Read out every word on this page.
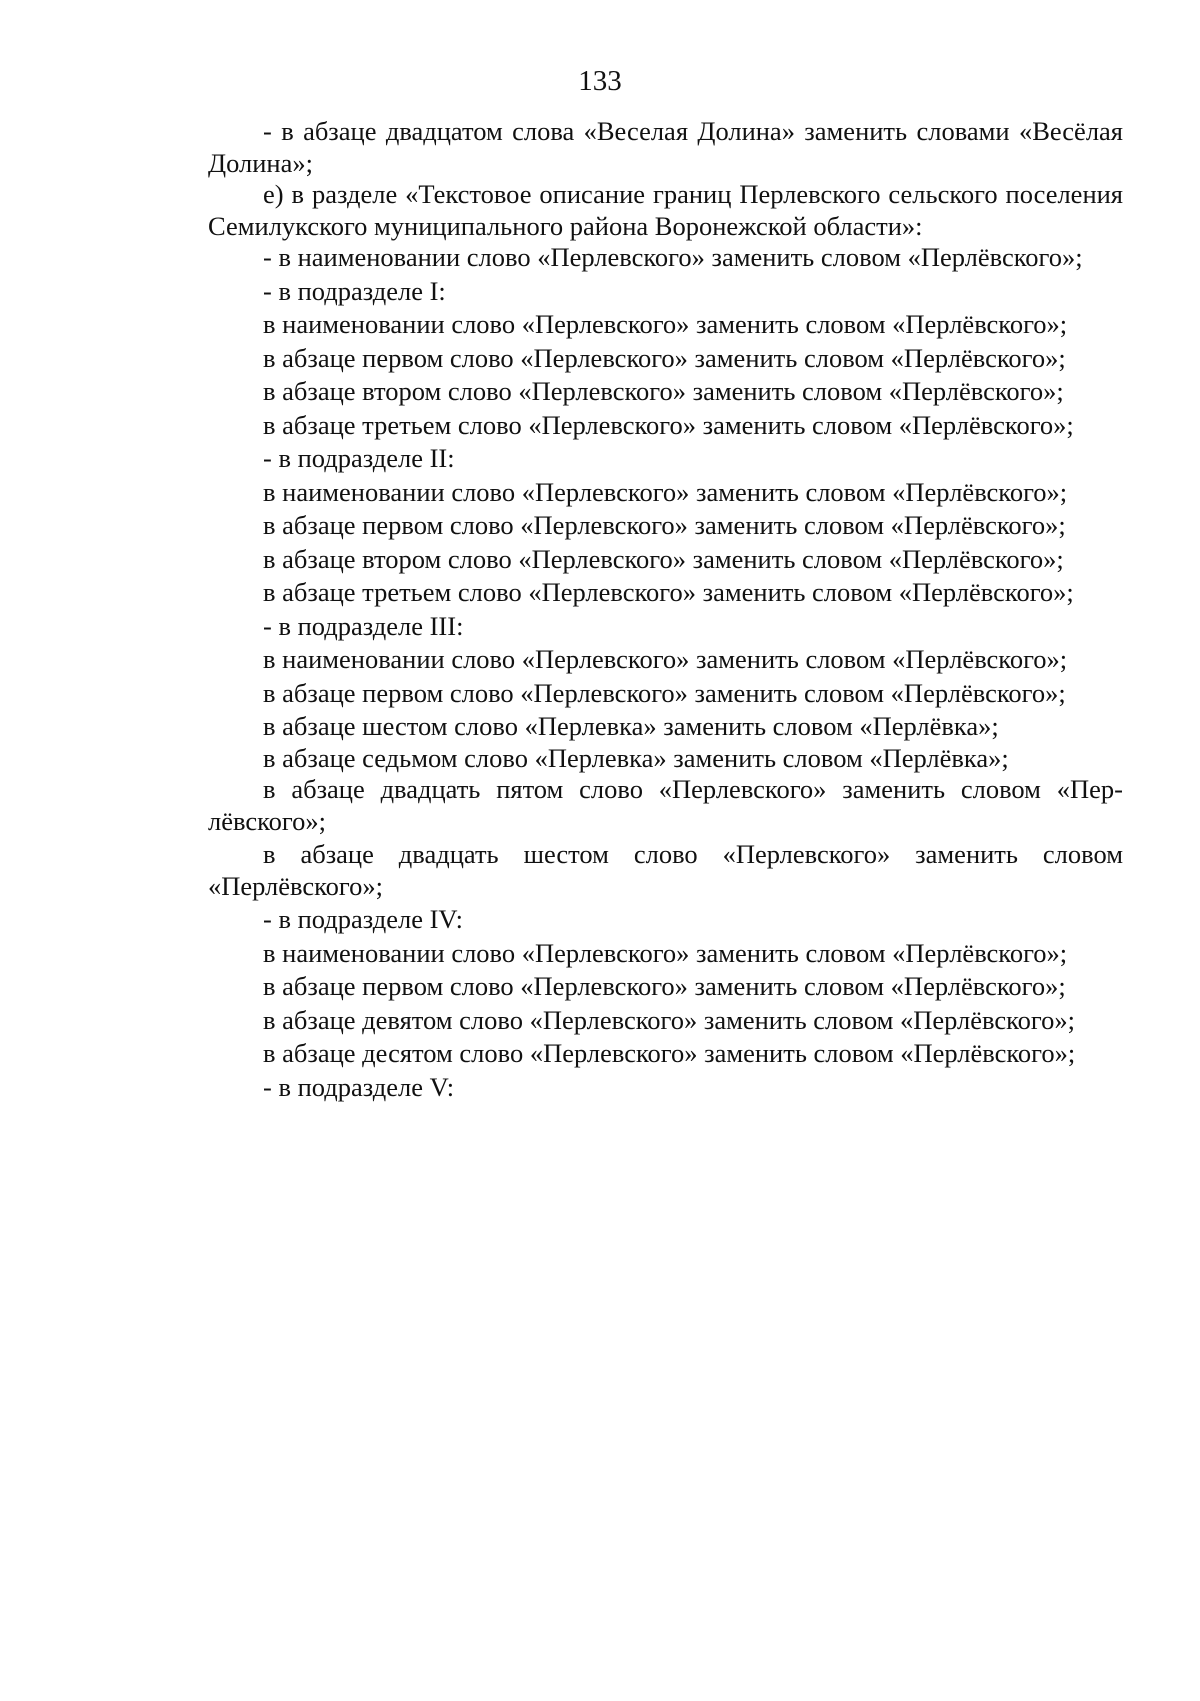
133

- в абзаце двадцатом слова «Веселая Долина» заменить словами «Весёлая Долина»;

е) в разделе «Текстовое описание границ Перлевского сельского поселения Семилукского муниципального района Воронежской области»:

- в наименовании слово «Перлевского» заменить словом «Перлёвского»;

- в подразделе I:

в наименовании слово «Перлевского» заменить словом «Перлёвского»;

в абзаце первом слово «Перлевского» заменить словом «Перлёвского»;

в абзаце втором слово «Перлевского» заменить словом «Перлёвского»;

в абзаце третьем слово «Перлевского» заменить словом «Перлёвского»;

- в подразделе II:

в наименовании слово «Перлевского» заменить словом «Перлёвского»;

в абзаце первом слово «Перлевского» заменить словом «Перлёвского»;

в абзаце втором слово «Перлевского» заменить словом «Перлёвского»;

в абзаце третьем слово «Перлевского» заменить словом «Перлёвского»;

- в подразделе III:

в наименовании слово «Перлевского» заменить словом «Перлёвского»;

в абзаце первом слово «Перлевского» заменить словом «Перлёвского»;

в абзаце шестом слово «Перлевка» заменить словом «Перлёвка»;

в абзаце седьмом слово «Перлевка» заменить словом «Перлёвка»;

в абзаце двадцать пятом слово «Перлевского» заменить словом «Перлёвского»;

в абзаце двадцать шестом слово «Перлевского» заменить словом «Перлёвского»;

- в подразделе IV:

в наименовании слово «Перлевского» заменить словом «Перлёвского»;

в абзаце первом слово «Перлевского» заменить словом «Перлёвского»;

в абзаце девятом слово «Перлевского» заменить словом «Перлёвского»;

в абзаце десятом слово «Перлевского» заменить словом «Перлёвского»;

- в подразделе V:
